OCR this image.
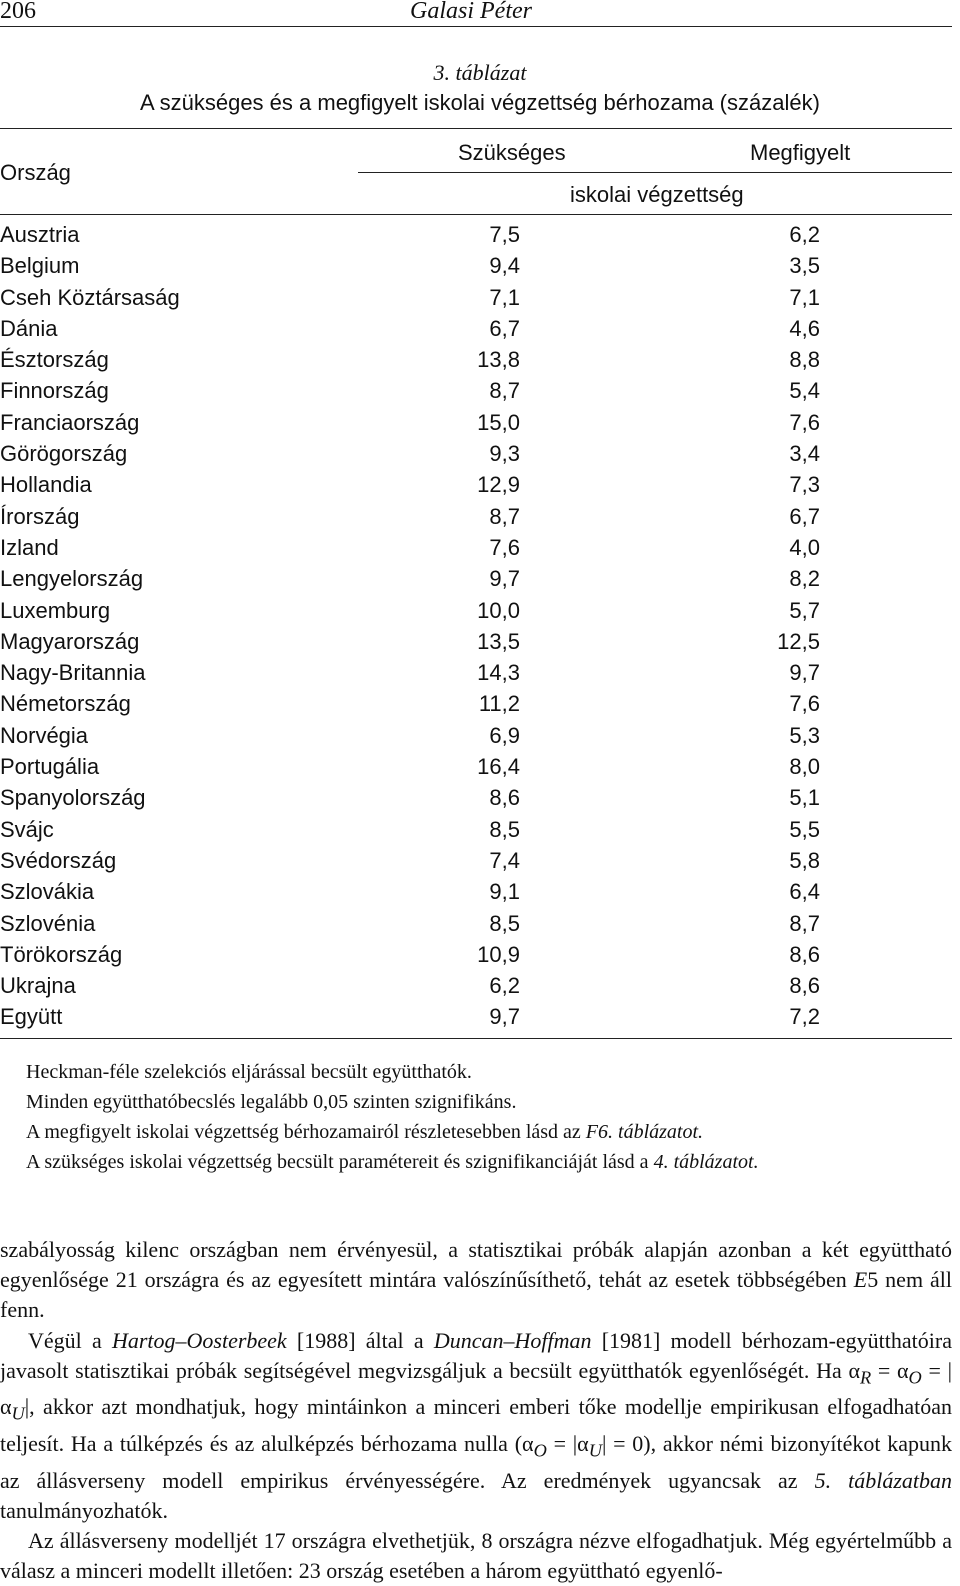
206	Galasi Péter
3. táblázat
A szükséges és a megfigyelt iskolai végzettség bérhozama (százalék)
Ország
Szükséges	Megfigyelt
iskolai végzettség
Ausztria	7,5	6,2
Belgium	9,4	3,5
Cseh Köztársaság	7,1	7,1
Dánia	6,7	4,6
Észtország	13,8	8,8
Finnország	8,7	5,4
Franciaország	15,0	7,6
Görögország	9,3	3,4
Hollandia	12,9	7,3
Írország	8,7	6,7
Izland	7,6	4,0
Lengyelország	9,7	8,2
Luxemburg	10,0	5,7
Magyarország	13,5	12,5
Nagy-Britannia	14,3	9,7
Németország	11,2	7,6
Norvégia	6,9	5,3
Portugália	16,4	8,0
Spanyolország	8,6	5,1
Svájc	8,5	5,5
Svédország	7,4	5,8
Szlovákia	9,1	6,4
Szlovénia	8,5	8,7
Törökország	10,9	8,6
Ukrajna	6,2	8,6
Együtt	9,7	7,2
Heckman-féle szelekciós eljárással becsült együtthatók.
Minden együtthatóbecslés legalább 0,05 szinten szignifikáns.
A megfigyelt iskolai végzettség bérhozamairól részletesebben lásd az F6. táblázatot.
A szükséges iskolai végzettség becsült paramétereit és szignifikanciáját lásd a 4. táblázatot.

szabályosság kilenc országban nem érvényesül, a statisztikai próbák alapján azonban a két együttható egyenlősége 21 országra és az egyesített mintára valószínűsíthető, tehát az esetek többségében E5 nem áll fenn.

Végül a Hartog–Oosterbeek [1988] által a Duncan–Hoffman [1981] modell bérhozam-együtthatóira javasolt statisztikai próbák segítségével megvizsgáljuk a becsült együtthatók egyenlőségét. Ha $\alpha_R = \alpha_O = |\alpha_U|$, akkor azt mondhatjuk, hogy mintáinkon a minceri emberi tőke modellje empirikusan elfogadhatóan teljesít. Ha a túlképzés és az alulképzés bérhozama nulla $(\alpha_O = |\alpha_U| = 0)$, akkor némi bizonyítékot kapunk az állásverseny modell empirikus érvényességére. Az eredmények ugyancsak az 5. táblázatban tanulmányozhatók.

Az állásverseny modelljét 17 országra elvethetjük, 8 országra nézve elfogadhatjuk. Még egyértelműbb a válasz a minceri modellt illetően: 23 ország esetében a három együttható egyenlő-
